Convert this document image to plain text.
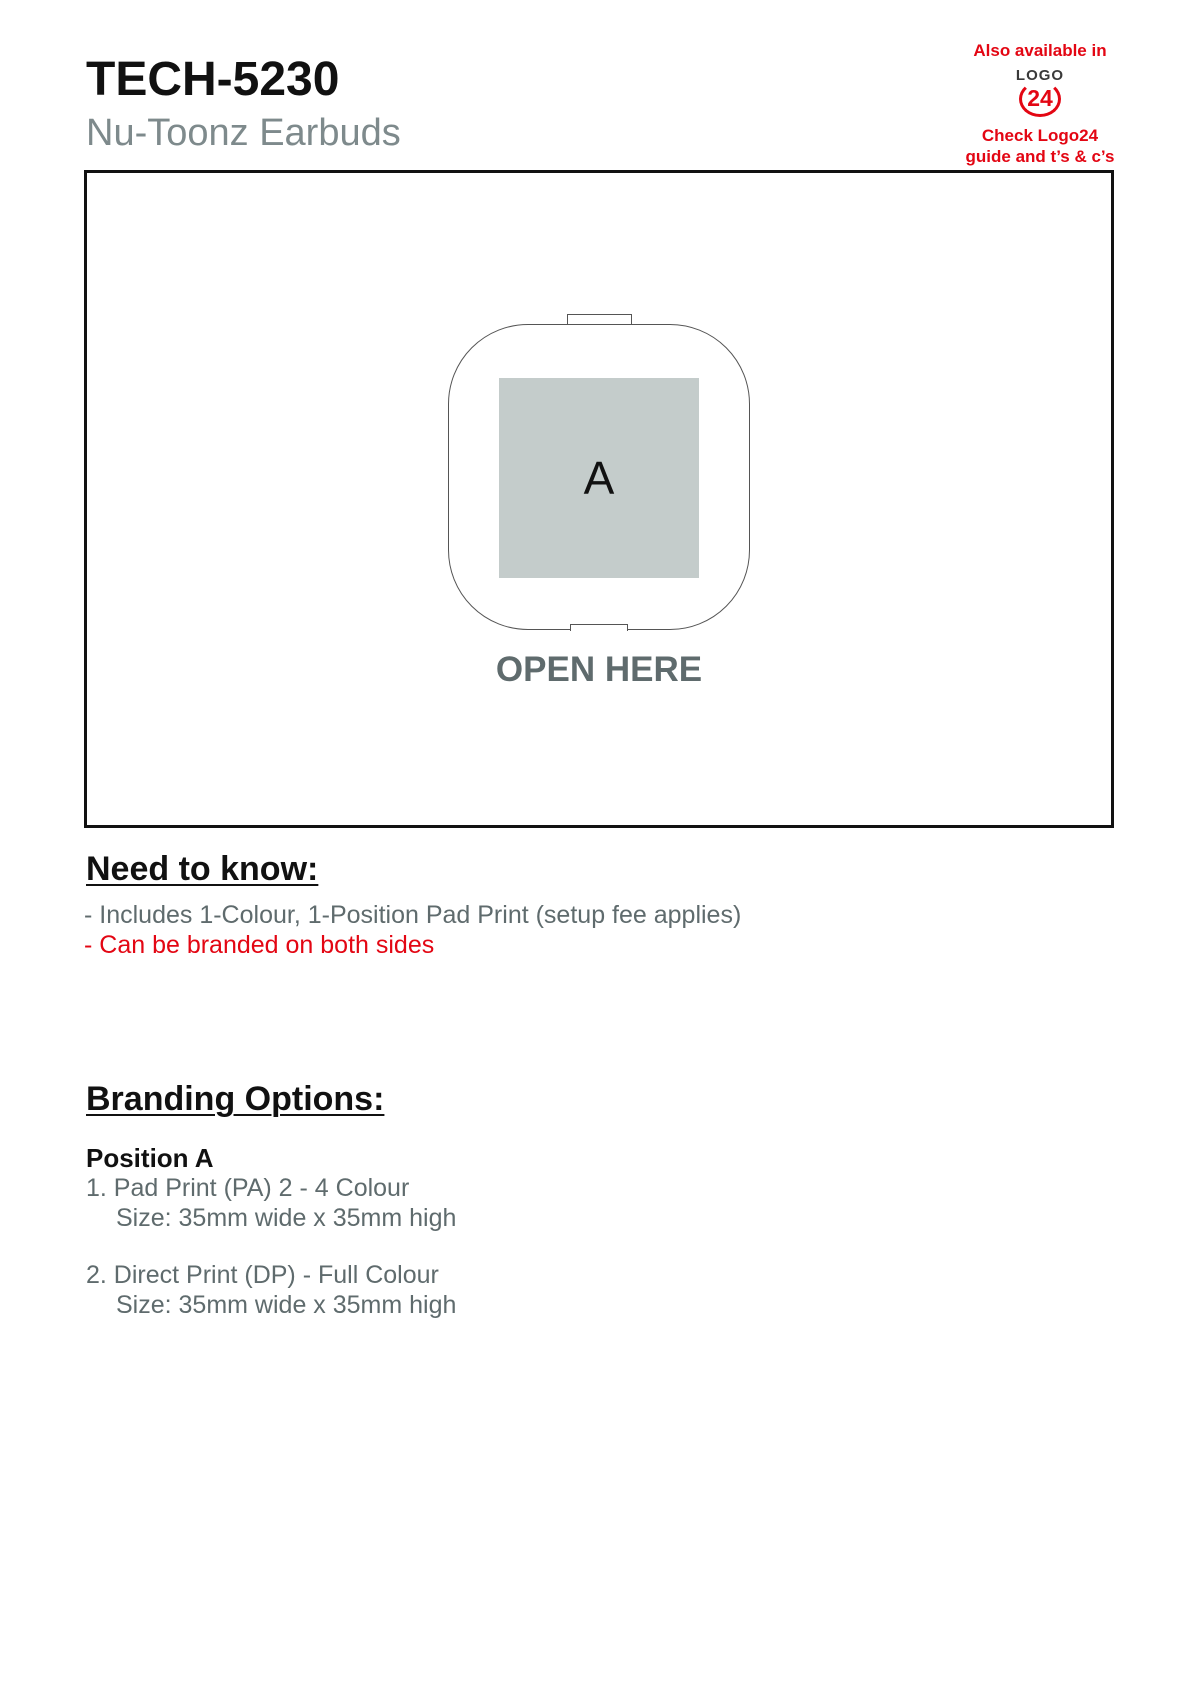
TECH-5230
Nu-Toonz Earbuds
Also available in
LOGO
24
Check Logo24
guide and t’s & c’s
A
OPEN HERE
Need to know:
- Includes 1-Colour, 1-Position Pad Print (setup fee applies)
- Can be branded on both sides
Branding Options:
Position A
1. Pad Print (PA) 2 - 4 Colour
Size: 35mm wide x 35mm high
2. Direct Print (DP) - Full Colour
Size: 35mm wide x 35mm high
